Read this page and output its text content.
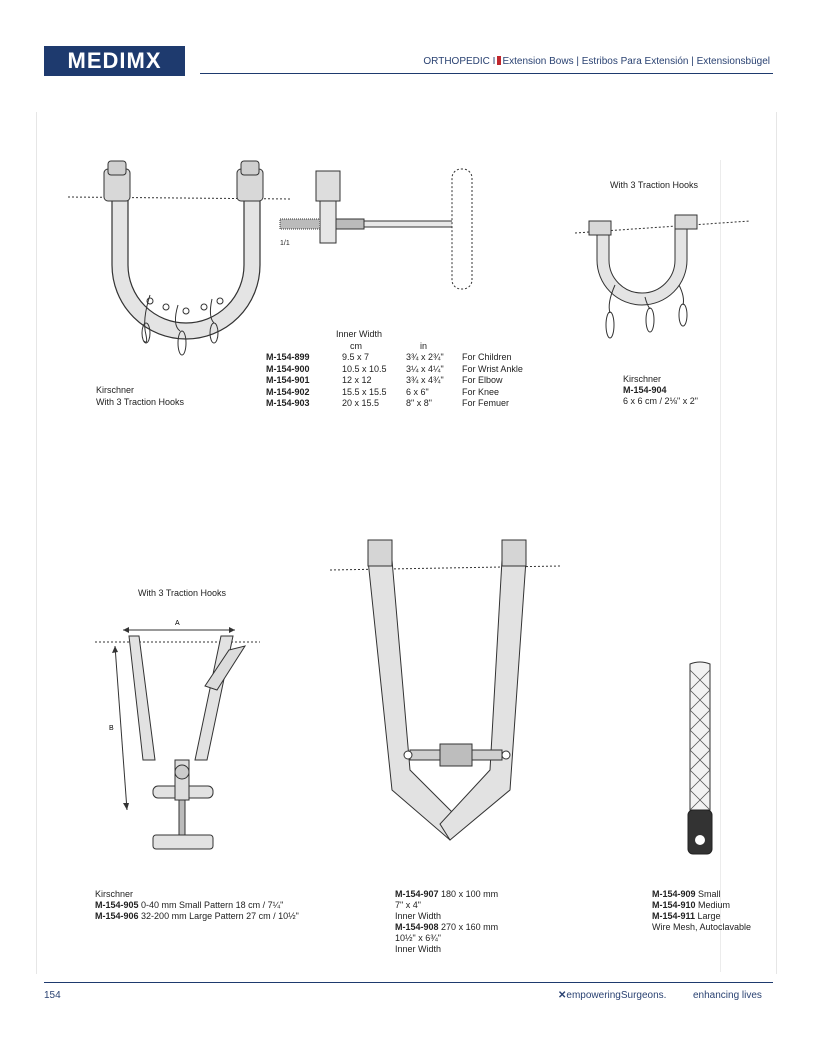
MEDIMX	ORTHOPEDIC I Extension Bows | Estribos Para Extensión | Extensionsbügel
1/1
Kirschner
With 3 Traction Hooks
	Inner Width		
	cm	in	
M-154-899	9.5 x 7	3¾ x 2¾"	For Children
M-154-900	10.5 x 10.5	3¼ x 4¼"	For Wrist Ankle
M-154-901	12 x 12	3¾ x 4¾"	For Elbow
M-154-902	15.5 x 15.5	6 x 6"	For Knee
M-154-903	20 x 15.5	8" x 8"	For Femuer
With 3 Traction Hooks
Kirschner
M-154-904
6 x 6 cm / 2⅛" x 2"
With 3 Traction Hooks
A
B
Kirschner
M-154-905 0-40 mm Small Pattern 18 cm / 7¼"
M-154-906 32-200 mm Large Pattern 27 cm / 10½"
M-154-907 180 x 100 mm
7" x 4"
Inner Width
M-154-908 270 x 160 mm
10½" x 6¾"
Inner Width
M-154-909 Small
M-154-910 Medium
M-154-911 Large
Wire Mesh, Autoclavable
154	✕empoweringSurgeons.	enhancing lives
